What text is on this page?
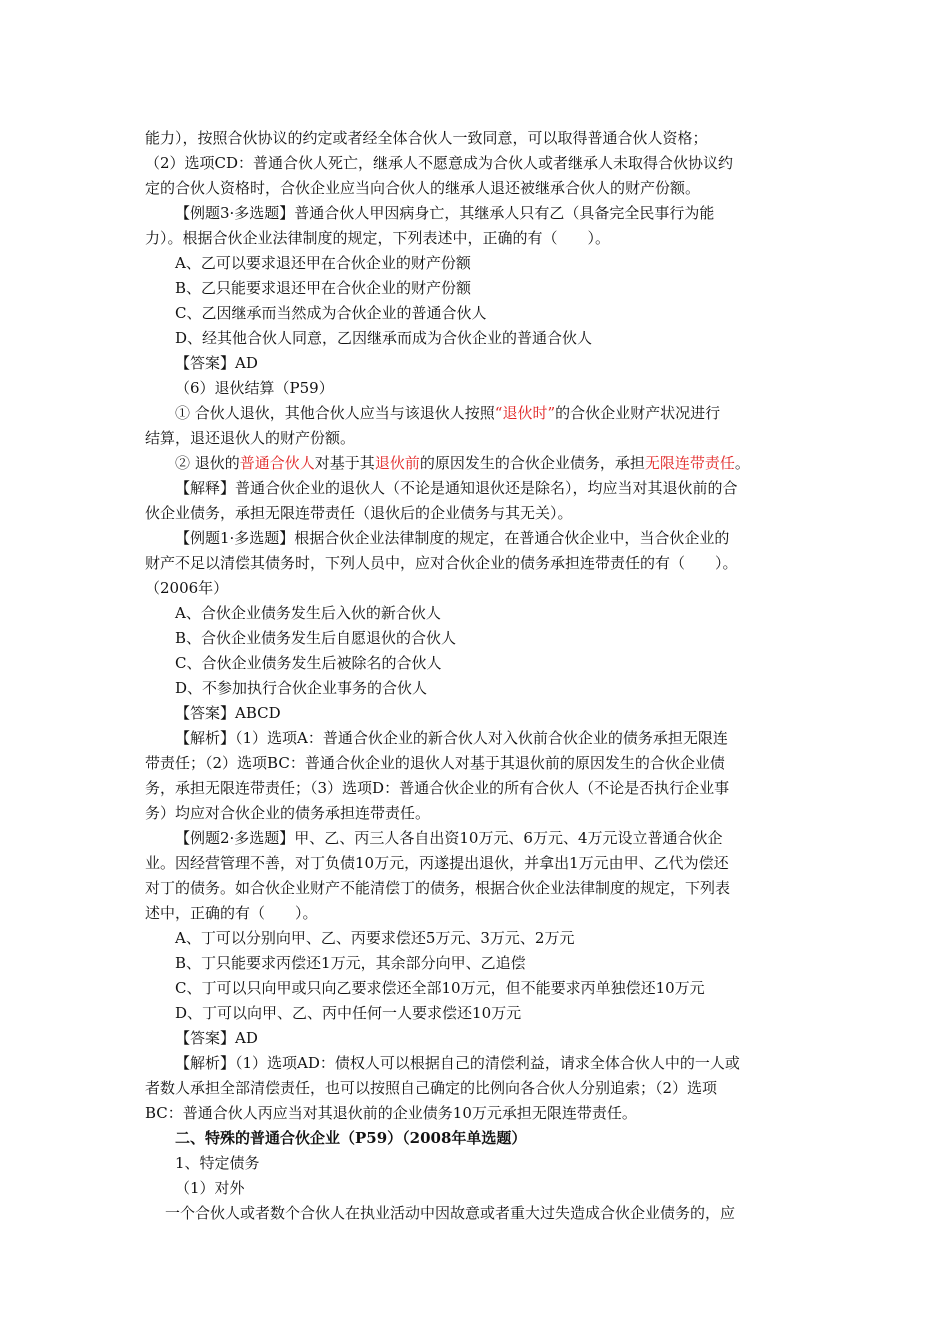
能力），按照合伙协议的约定或者经全体合伙人一致同意，可以取得普通合伙人资格；
（2）选项CD：普通合伙人死亡，继承人不愿意成为合伙人或者继承人未取得合伙协议约
定的合伙人资格时，合伙企业应当向合伙人的继承人退还被继承合伙人的财产份额。
【例题3·多选题】普通合伙人甲因病身亡，其继承人只有乙（具备完全民事行为能
力）。根据合伙企业法律制度的规定，下列表述中，正确的有（　　）。
A、乙可以要求退还甲在合伙企业的财产份额
B、乙只能要求退还甲在合伙企业的财产份额
C、乙因继承而当然成为合伙企业的普通合伙人
D、经其他合伙人同意，乙因继承而成为合伙企业的普通合伙人
【答案】AD
（6）退伙结算（P59）
① 合伙人退伙，其他合伙人应当与该退伙人按照“退伙时”的合伙企业财产状况进行
结算，退还退伙人的财产份额。
② 退伙的普通合伙人对基于其退伙前的原因发生的合伙企业债务，承担无限连带责任。
【解释】普通合伙企业的退伙人（不论是通知退伙还是除名），均应当对其退伙前的合
伙企业债务，承担无限连带责任（退伙后的企业债务与其无关）。
【例题1·多选题】根据合伙企业法律制度的规定，在普通合伙企业中，当合伙企业的
财产不足以清偿其债务时，下列人员中，应对合伙企业的债务承担连带责任的有（　　）。
（2006年）
A、合伙企业债务发生后入伙的新合伙人
B、合伙企业债务发生后自愿退伙的合伙人
C、合伙企业债务发生后被除名的合伙人
D、不参加执行合伙企业事务的合伙人
【答案】ABCD
【解析】（1）选项A：普通合伙企业的新合伙人对入伙前合伙企业的债务承担无限连
带责任；（2）选项BC：普通合伙企业的退伙人对基于其退伙前的原因发生的合伙企业债
务，承担无限连带责任；（3）选项D：普通合伙企业的所有合伙人（不论是否执行企业事
务）均应对合伙企业的债务承担连带责任。
【例题2·多选题】甲、乙、丙三人各自出资10万元、6万元、4万元设立普通合伙企
业。因经营管理不善，对丁负债10万元，丙遂提出退伙，并拿出1万元由甲、乙代为偿还
对丁的债务。如合伙企业财产不能清偿丁的债务，根据合伙企业法律制度的规定，下列表
述中，正确的有（　　）。
A、丁可以分别向甲、乙、丙要求偿还5万元、3万元、2万元
B、丁只能要求丙偿还1万元，其余部分向甲、乙追偿
C、丁可以只向甲或只向乙要求偿还全部10万元，但不能要求丙单独偿还10万元
D、丁可以向甲、乙、丙中任何一人要求偿还10万元
【答案】AD
【解析】（1）选项AD：债权人可以根据自己的清偿利益，请求全体合伙人中的一人或
者数人承担全部清偿责任，也可以按照自己确定的比例向各合伙人分别追索；（2）选项
BC：普通合伙人丙应当对其退伙前的企业债务10万元承担无限连带责任。
二、特殊的普通合伙企业（P59）（2008年单选题）
1、特定债务
（1）对外
一个合伙人或者数个合伙人在执业活动中因故意或者重大过失造成合伙企业债务的，应
